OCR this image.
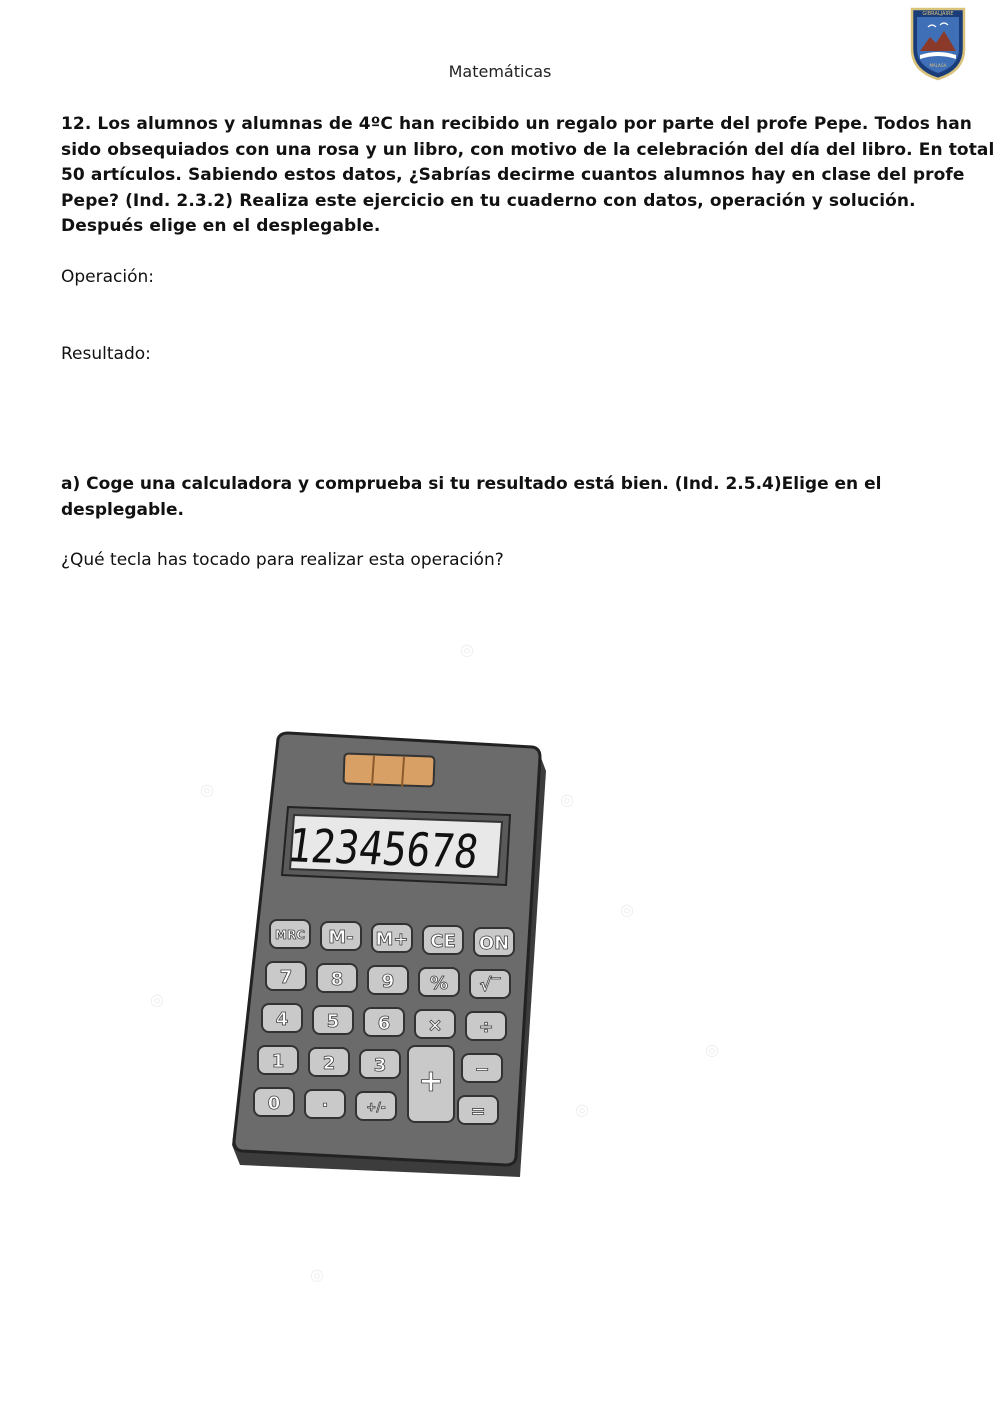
Matemáticas
GIBRALJAIRE
MÁLAGA
12. Los alumnos y alumnas de 4ºC han recibido un regalo por parte del profe Pepe. Todos han
sido obsequiados con una rosa y un libro, con motivo de la celebración del día del libro. En total
50 artículos. Sabiendo estos datos, ¿Sabrías decirme cuantos alumnos hay en clase del profe
Pepe? (Ind. 2.3.2) Realiza este ejercicio en tu cuaderno con datos, operación y solución.
Después elige en el desplegable.
Operación:
Resultado:
a) Coge una calculadora y comprueba si tu resultado está bien. (Ind. 2.5.4)Elige en el
desplegable.
¿Qué tecla has tocado para realizar esta operación?
◎
◎
◎
◎
◎
◎
◎
◎
12345678
MRC M- M+ CE ON
7 8 9 % √‾
4 5 6 × ÷
1 2 3 + −
0 ·	+/-	=
